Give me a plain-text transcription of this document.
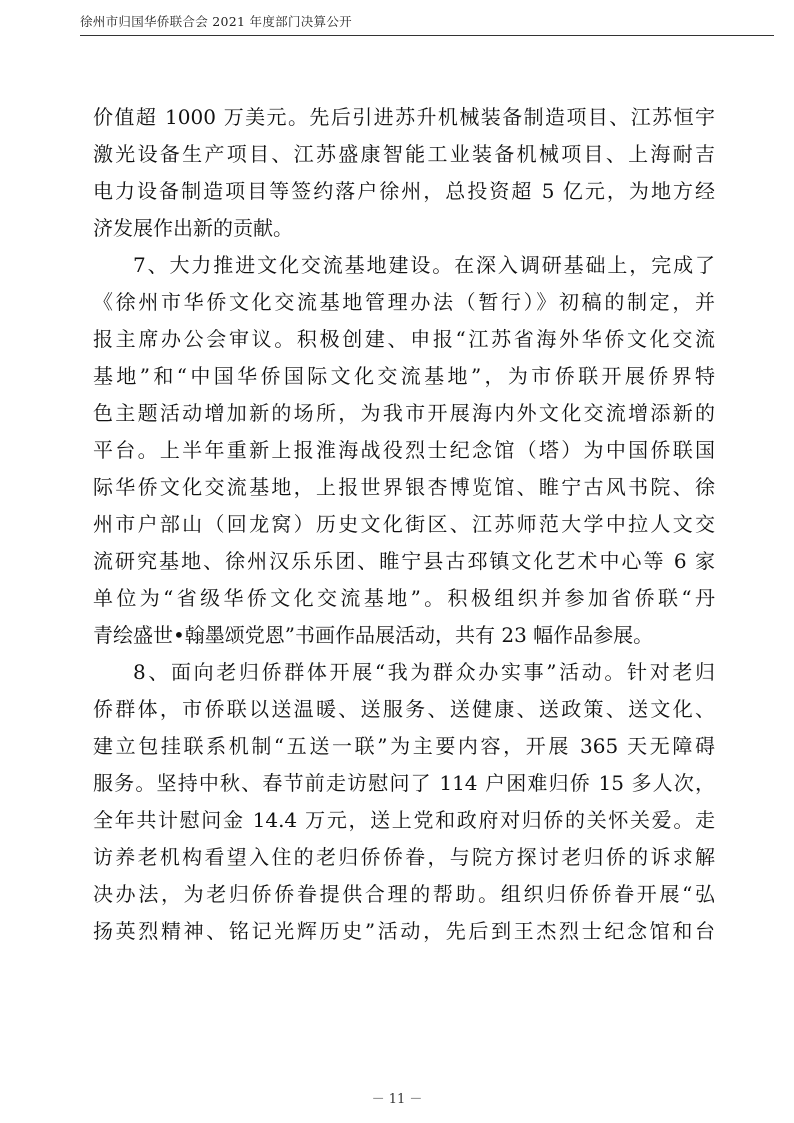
徐州市归国华侨联合会 2021 年度部门决算公开
价值超 1000 万美元。先后引进苏升机械装备制造项目、江苏恒宇
激光设备生产项目、江苏盛康智能工业装备机械项目、上海耐吉
电力设备制造项目等签约落户徐州，总投资超 5 亿元，为地方经
济发展作出新的贡献。
7、大力推进文化交流基地建设。在深入调研基础上，完成了
《徐州市华侨文化交流基地管理办法（暂行）》初稿的制定，并
报主席办公会审议。积极创建、申报“江苏省海外华侨文化交流
基地”和“中国华侨国际文化交流基地”，为市侨联开展侨界特
色主题活动增加新的场所，为我市开展海内外文化交流增添新的
平台。上半年重新上报淮海战役烈士纪念馆（塔）为中国侨联国
际华侨文化交流基地，上报世界银杏博览馆、睢宁古风书院、徐
州市户部山（回龙窝）历史文化街区、江苏师范大学中拉人文交
流研究基地、徐州汉乐乐团、睢宁县古邳镇文化艺术中心等 6 家
单位为“省级华侨文化交流基地”。积极组织并参加省侨联“丹
青绘盛世•翰墨颂党恩”书画作品展活动，共有 23 幅作品参展。
8、面向老归侨群体开展“我为群众办实事”活动。针对老归
侨群体，市侨联以送温暖、送服务、送健康、送政策、送文化、
建立包挂联系机制“五送一联”为主要内容，开展 365 天无障碍
服务。坚持中秋、春节前走访慰问了 114 户困难归侨 15 多人次，
全年共计慰问金 14.4 万元，送上党和政府对归侨的关怀关爱。走
访养老机构看望入住的老归侨侨眷，与院方探讨老归侨的诉求解
决办法，为老归侨侨眷提供合理的帮助。组织归侨侨眷开展“弘
扬英烈精神、铭记光辉历史”活动，先后到王杰烈士纪念馆和台
－ 11 －
